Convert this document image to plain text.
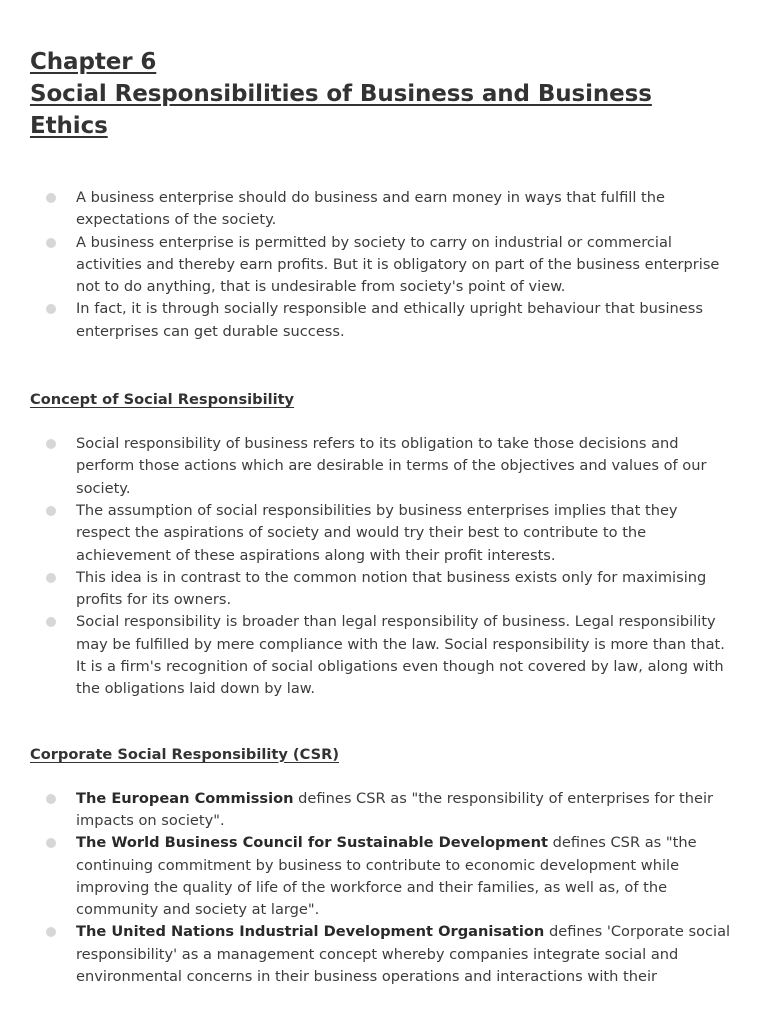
Chapter 6
Social Responsibilities of Business and Business Ethics
A business enterprise should do business and earn money in ways that fulfill the expectations of the society.
A business enterprise is permitted by society to carry on industrial or commercial activities and thereby earn profits. But it is obligatory on part of the business enterprise not to do anything, that is undesirable from society's point of view.
In fact, it is through socially responsible and ethically upright behaviour that business enterprises can get durable success.
Concept of Social Responsibility
Social responsibility of business refers to its obligation to take those decisions and perform those actions which are desirable in terms of the objectives and values of our society.
The assumption of social responsibilities by business enterprises implies that they respect the aspirations of society and would try their best to contribute to the achievement of these aspirations along with their profit interests.
This idea is in contrast to the common notion that business exists only for maximising profits for its owners.
Social responsibility is broader than legal responsibility of business. Legal responsibility may be fulfilled by mere compliance with the law. Social responsibility is more than that. It is a firm's recognition of social obligations even though not covered by law, along with the obligations laid down by law.
Corporate Social Responsibility (CSR)
The European Commission defines CSR as "the responsibility of enterprises for their impacts on society".
The World Business Council for Sustainable Development defines CSR as "the continuing commitment by business to contribute to economic development while improving the quality of life of the workforce and their families, as well as, of the community and society at large".
The United Nations Industrial Development Organisation defines 'Corporate social responsibility' as a management concept whereby companies integrate social and environmental concerns in their business operations and interactions with their
